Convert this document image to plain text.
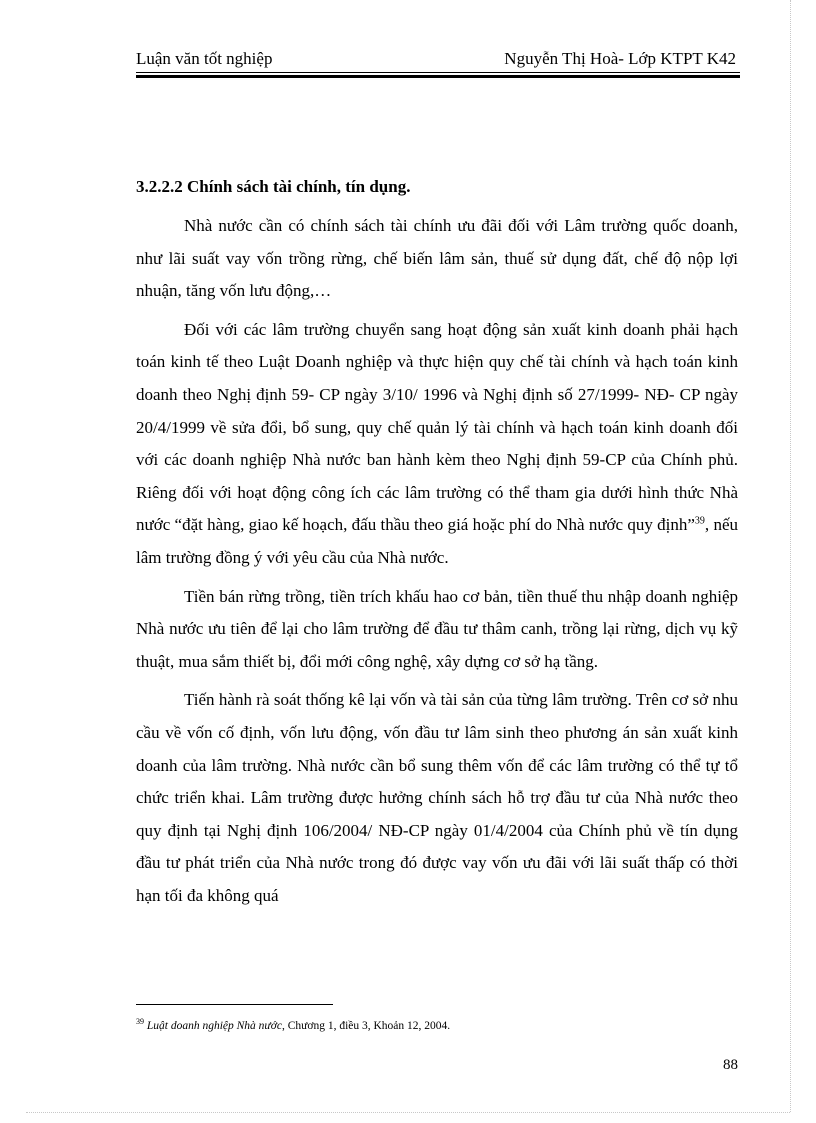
Luận văn tốt nghiệp	Nguyễn Thị Hoà- Lớp KTPT K42
3.2.2.2 Chính sách tài chính, tín dụng.

Nhà nước cần có chính sách tài chính ưu đãi đối với Lâm trường quốc doanh, như lãi suất vay vốn trồng rừng, chế biến lâm sản, thuế sử dụng đất, chế độ nộp lợi nhuận, tăng vốn lưu động,…

Đối với các lâm trường chuyển sang hoạt động sản xuất kinh doanh phải hạch toán kinh tế theo Luật Doanh nghiệp và thực hiện quy chế tài chính và hạch toán kinh doanh theo Nghị định 59- CP ngày 3/10/ 1996 và Nghị định số 27/1999- NĐ- CP ngày 20/4/1999 về sửa đổi, bổ sung, quy chế quản lý tài chính và hạch toán kinh doanh đối với các doanh nghiệp Nhà nước ban hành kèm theo Nghị định 59-CP của Chính phủ. Riêng đối với hoạt động công ích các lâm trường có thể tham gia dưới hình thức Nhà nước “đặt hàng, giao kế hoạch, đấu thầu theo giá hoặc phí do Nhà nước quy định”$^{39}$, nếu lâm trường đồng ý với yêu cầu của Nhà nước.

Tiền bán rừng trồng, tiền trích khấu hao cơ bản, tiền thuế thu nhập doanh nghiệp Nhà nước ưu tiên để lại cho lâm trường để đầu tư thâm canh, trồng lại rừng, dịch vụ kỹ thuật, mua sắm thiết bị, đổi mới công nghệ, xây dựng cơ sở hạ tầng.

Tiến hành rà soát thống kê lại vốn và tài sản của từng lâm trường. Trên cơ sở nhu cầu về vốn cố định, vốn lưu động, vốn đầu tư lâm sinh theo phương án sản xuất kinh doanh của lâm trường. Nhà nước cần bổ sung thêm vốn để các lâm trường có thể tự tổ chức triển khai. Lâm trường được hưởng chính sách hỗ trợ đầu tư của Nhà nước theo quy định tại Nghị định 106/2004/ NĐ-CP ngày 01/4/2004 của Chính phủ về tín dụng đầu tư phát triển của Nhà nước trong đó được vay vốn ưu đãi với lãi suất thấp có thời hạn tối đa không quá

$^{39}$ Luật doanh nghiệp Nhà nước, Chương 1, điều 3, Khoản 12, 2004.
88
